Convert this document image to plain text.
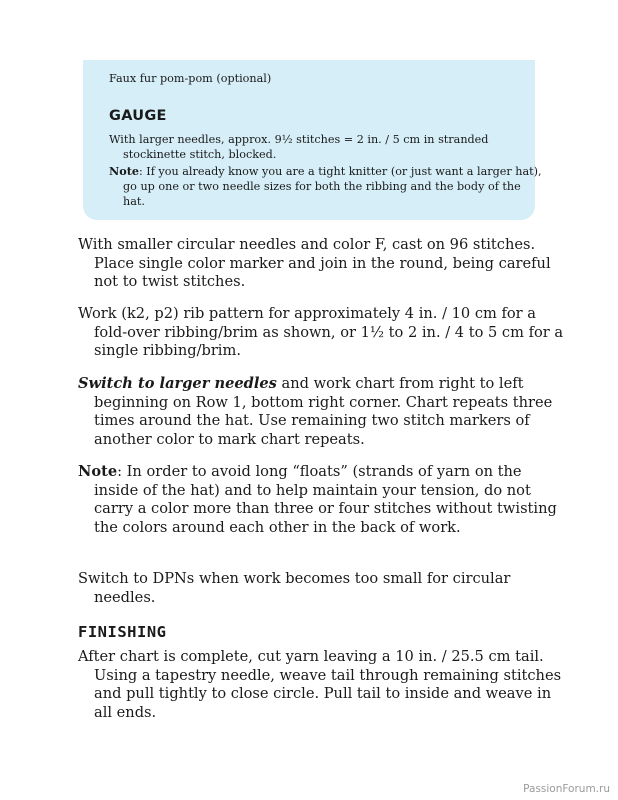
Faux fur pom-pom (optional)
GAUGE
With larger needles, approx. 9½ stitches = 2 in. / 5 cm in stranded stockinette stitch, blocked.
Note: If you already know you are a tight knitter (or just want a larger hat), go up one or two needle sizes for both the ribbing and the body of the hat.
With smaller circular needles and color F, cast on 96 stitches. Place single color marker and join in the round, being careful not to twist stitches.
Work (k2, p2) rib pattern for approximately 4 in. / 10 cm for a fold-over ribbing/brim as shown, or 1½ to 2 in. / 4 to 5 cm for a single ribbing/brim.
Switch to larger needles and work chart from right to left beginning on Row 1, bottom right corner. Chart repeats three times around the hat. Use remaining two stitch markers of another color to mark chart repeats.
Note: In order to avoid long “floats” (strands of yarn on the inside of the hat) and to help maintain your tension, do not carry a color more than three or four stitches without twisting the colors around each other in the back of work.
Switch to DPNs when work becomes too small for circular needles.
FINISHING
After chart is complete, cut yarn leaving a 10 in. / 25.5 cm tail. Using a tapestry needle, weave tail through remaining stitches and pull tightly to close circle. Pull tail to inside and weave in all ends.
PassionForum.ru
